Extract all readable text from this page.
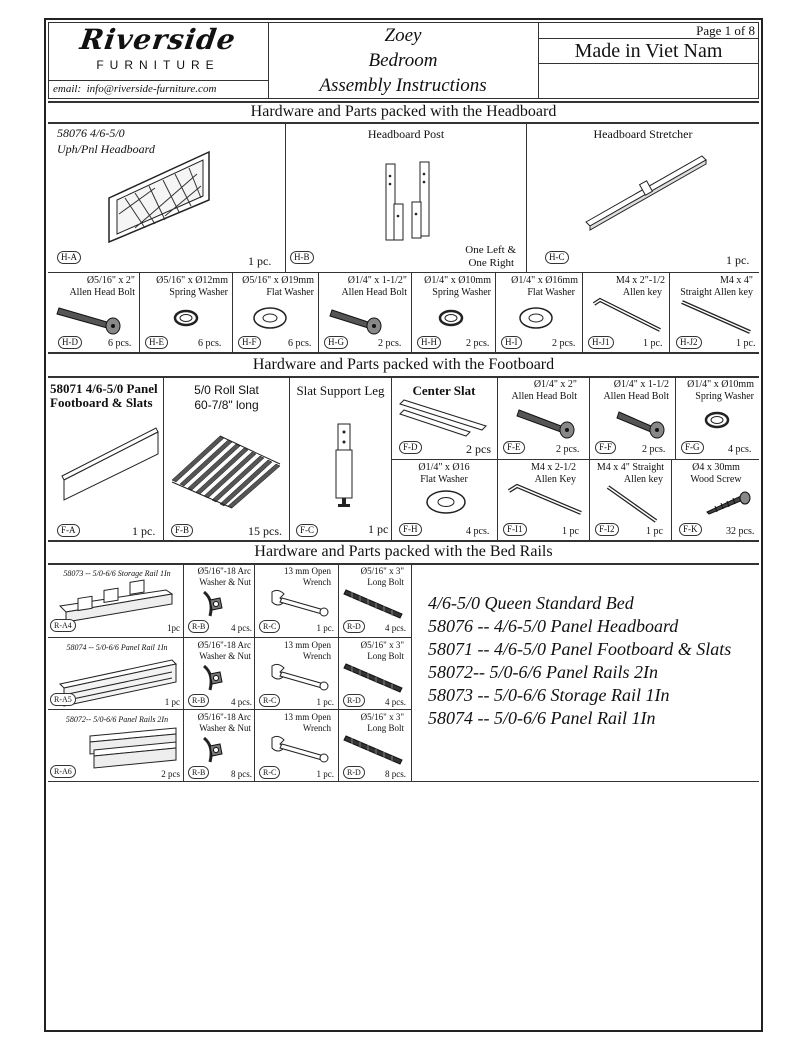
Riverside
FURNITURE
email: info@riverside-furniture.com
Zoey
Bedroom
Assembly Instructions
Page 1 of 8
Made in Viet Nam
Hardware and Parts packed with the Headboard
58076 4/6-5/0
Uph/Pnl Headboard
H-A	1 pc.
Headboard Post
H-B
One Left &
One Right
Headboard Stretcher
H-C	1 pc.
Ø5/16" x 2"
Allen Head Bolt
H-D	6 pcs.
Ø5/16" x Ø12mm
Spring Washer
H-E	6 pcs.
Ø5/16" x Ø19mm
Flat Washer
H-F	6 pcs.
Ø1/4" x 1-1/2"
Allen Head Bolt
H-G	2 pcs.
Ø1/4" x Ø10mm
Spring Washer
H-H	2 pcs.
Ø1/4" x Ø16mm
Flat Washer
H-I	2 pcs.
M4 x 2"-1/2
Allen key
H-J1	1 pc.
M4 x 4"
Straight Allen key
H-J2	1 pc.
Hardware and Parts packed with the Footboard
58071 4/6-5/0 Panel
Footboard & Slats
F-A	1 pc.
5/0 Roll Slat
60-7/8" long
F-B	15 pcs.
Slat Support Leg
F-C	1 pc
Center Slat
F-D	2 pcs
Ø1/4" x 2"
Allen Head Bolt
F-E	2 pcs.
Ø1/4" x 1-1/2
Allen Head Bolt
F-F	2 pcs.
Ø1/4" x Ø10mm
Spring Washer
F-G	4 pcs.
Ø1/4" x Ø16
Flat Washer
F-H	4 pcs.
M4 x 2-1/2
Allen Key
F-I1	1 pc
M4 x 4" Straight
Allen key
F-I2	1 pc
Ø4 x 30mm
Wood Screw
F-K	32 pcs.
Hardware and Parts packed with the Bed Rails
58073 -- 5/0-6/6 Storage Rail 1In
R-A4	1pc
Ø5/16"-18 Arc
Washer & Nut
R-B	4 pcs.
13 mm Open
Wrench
R-C	1 pc.
Ø5/16" x 3"
Long Bolt
R-D	4 pcs.
58074 -- 5/0-6/6 Panel Rail 1In
R-A5	1 pc
Ø5/16"-18 Arc
Washer & Nut
R-B	4 pcs.
13 mm Open
Wrench
R-C	1 pc.
Ø5/16" x 3"
Long Bolt
R-D	4 pcs.
58072-- 5/0-6/6 Panel Rails 2In
R-A6	2 pcs
Ø5/16"-18 Arc
Washer & Nut
R-B	8 pcs.
13 mm Open
Wrench
R-C	1 pc.
Ø5/16" x 3"
Long Bolt
R-D	8 pcs.
4/6-5/0 Queen Standard Bed
58076 -- 4/6-5/0 Panel Headboard
58071 -- 4/6-5/0 Panel Footboard & Slats
58072-- 5/0-6/6 Panel Rails 2In
58073 -- 5/0-6/6 Storage Rail 1In
58074 -- 5/0-6/6 Panel Rail 1In
